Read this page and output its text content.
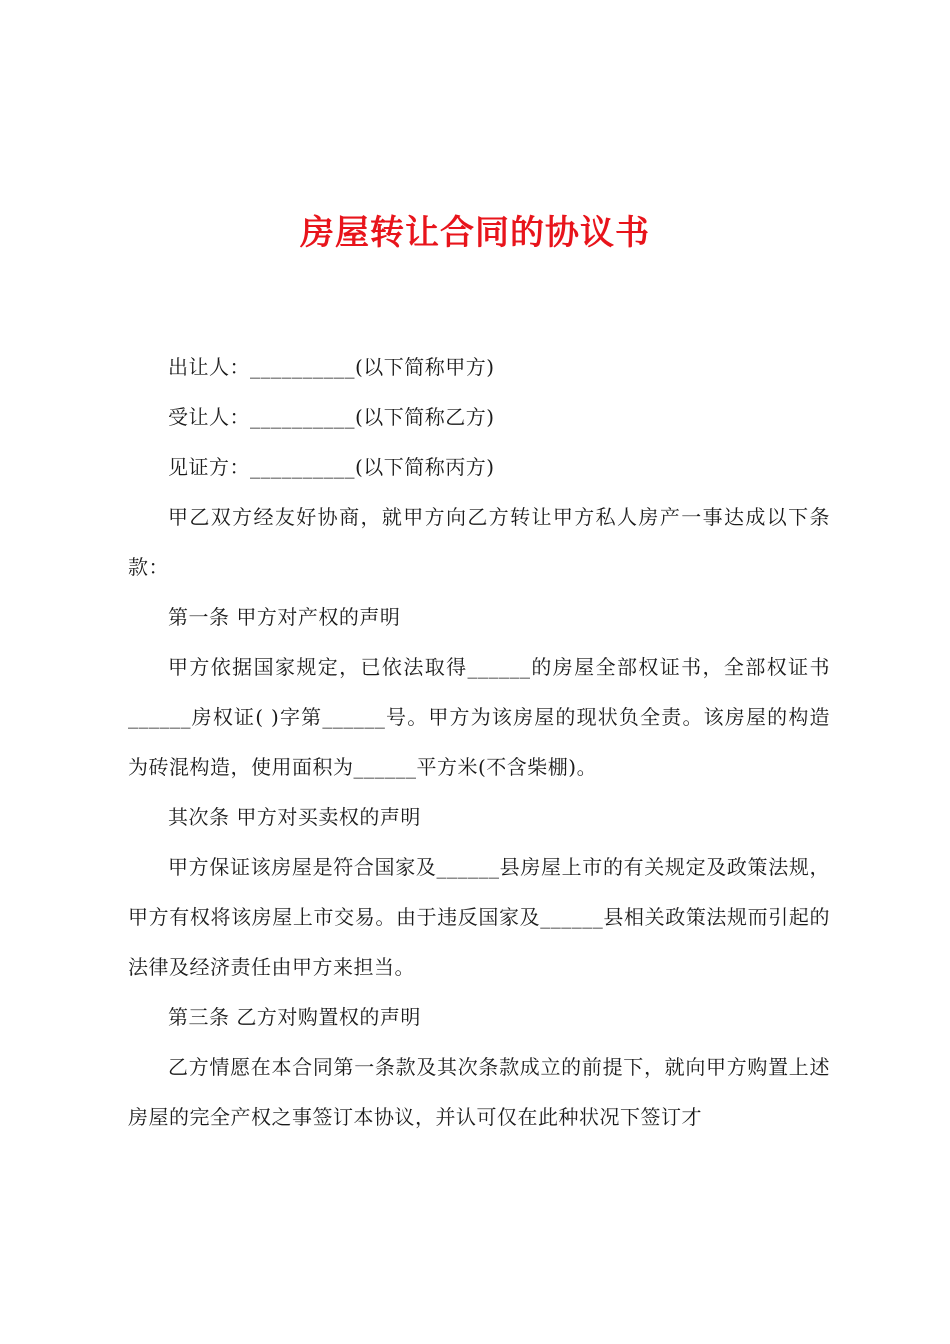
房屋转让合同的协议书

出让人：__________(以下简称甲方)

受让人：__________(以下简称乙方)

见证方：__________(以下简称丙方)

甲乙双方经友好协商，就甲方向乙方转让甲方私人房产一事达成以下条款：

第一条 甲方对产权的声明

甲方依据国家规定，已依法取得______的房屋全部权证书，全部权证书______房权证( )字第______号。甲方为该房屋的现状负全责。该房屋的构造为砖混构造，使用面积为______平方米(不含柴棚)。

其次条 甲方对买卖权的声明

甲方保证该房屋是符合国家及______县房屋上市的有关规定及政策法规，甲方有权将该房屋上市交易。由于违反国家及______县相关政策法规而引起的法律及经济责任由甲方来担当。

第三条 乙方对购置权的声明

乙方情愿在本合同第一条款及其次条款成立的前提下，就向甲方购置上述房屋的完全产权之事签订本协议，并认可仅在此种状况下签订才
